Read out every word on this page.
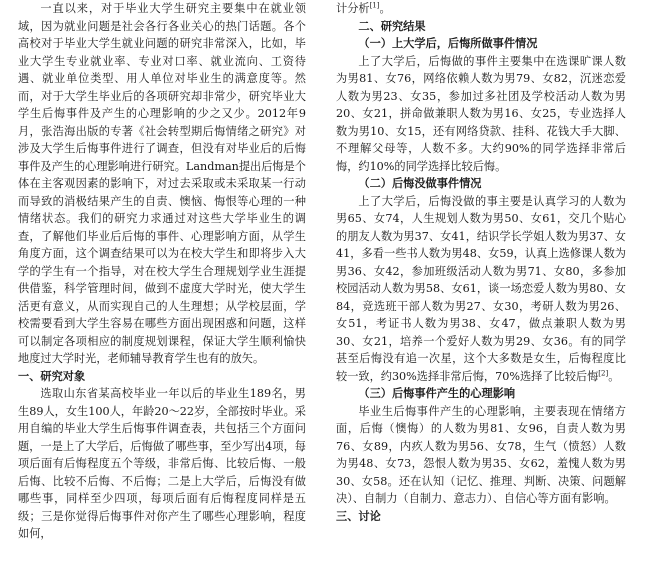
一直以来，对于毕业大学生研究主要集中在就业领域，因为就业问题是社会各行各业关心的热门话题。各个高校对于毕业大学生就业问题的研究非常深入，比如，毕业大学生专业就业率、专业对口率、就业流向、工资待遇、就业单位类型、用人单位对毕业生的满意度等。然而，对于大学生毕业后的各项研究却非常少，研究毕业大学生后悔事件及产生的心理影响的少之又少。2012年9月，张浩海出版的专著《社会转型期后悔情绪之研究》对涉及大学生后悔事件进行了调查，但没有对毕业后的后悔事件及产生的心理影响进行研究。Landman提出后悔是个体在主客观因素的影响下，对过去采取或未采取某一行动而导致的消极结果产生的自责、懊恼、悔恨等心理的一种情绪状态。我们的研究力求通过对这些大学毕业生的调查，了解他们毕业后后悔的事件、心理影响方面，从学生角度方面，这个调查结果可以为在校大学生和即将步入大学的学生有一个指导，对在校大学生合理规划学业生涯提供借鉴，科学管理时间，做到不虚度大学时光，使大学生活更有意义，从而实现自己的人生理想；从学校层面，学校需要看到大学生容易在哪些方面出现困惑和问题，这样可以制定各项相应的制度规划课程，保证大学生顺利愉快地度过大学时光，老师辅导教育学生也有的放矢。

一、研究对象

选取山东省某高校毕业一年以后的毕业生189名，男生89人，女生100人，年龄20～22岁，全部按时毕业。采用自编的毕业大学生后悔事件调查表，共包括三个方面问题，一是上了大学后，后悔做了哪些事，至少写出4项，每项后面有后悔程度五个等级，非常后悔、比较后悔、一般后悔、比较不后悔、不后悔；二是上大学后，后悔没有做哪些事，同样至少四项，每项后面有后悔程度同样是五级；三是你觉得后悔事件对你产生了哪些心理影响，程度如何，

计分析[1]。

二、研究结果

（一）上大学后，后悔所做事件情况

上了大学后，后悔做的事件主要集中在选课旷课人数为男81、女76，网络依赖人数为男79、女82，沉迷恋爱人数为男23、女35，参加过多社团及学校活动人数为男20、女21，拼命做兼职人数为男16、女25，专业选择人数为男10、女15，还有网络贷款、挂科、花钱大手大脚、不理解父母等，人数不多。大约90%的同学选择非常后悔，约10%的同学选择比较后悔。

（二）后悔没做事件情况

上了大学后，后悔没做的事主要是认真学习的人数为男65、女74，人生规划人数为男50、女61，交几个贴心的朋友人数为男37、女41，结识学长学姐人数为男37、女41，多看一些书人数为男48、女59，认真上选修课人数为男36、女42，参加班级活动人数为男71、女80，多参加校园活动人数为男58、女61，谈一场恋爱人数为男80、女84，竞选班干部人数为男27、女30，考研人数为男26、女51，考证书人数为男38、女47，做点兼职人数为男30、女21，培养一个爱好人数为男29、女36。有的同学甚至后悔没有追一次星，这个大多数是女生，后悔程度比较一致，约30%选择非常后悔，70%选择了比较后悔[2]。

（三）后悔事件产生的心理影响

毕业生后悔事件产生的心理影响，主要表现在情绪方面，后悔（懊悔）的人数为男81、女96，自责人数为男76、女89，内疚人数为男56、女78，生气（愤怒）人数为男48、女73，怨恨人数为男35、女62，羞愧人数为男30、女58。还在认知（记忆、推理、判断、决策、问题解决）、自制力（自制力、意志力）、自信心等方面有影响。

三、讨论
